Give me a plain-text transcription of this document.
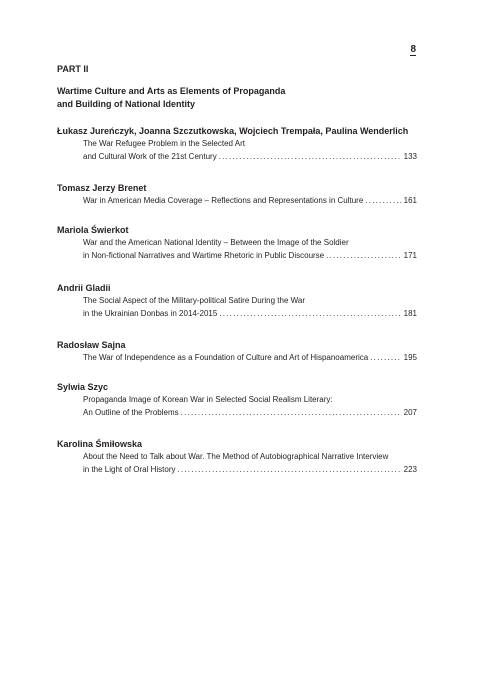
8
PART II
Wartime Culture and Arts as Elements of Propaganda
and Building of National Identity
Łukasz Jureńczyk, Joanna Szczutkowska, Wojciech Trempała, Paulina Wenderlich
The War Refugee Problem in the Selected Art
and Cultural Work of the 21st Century . . .	133
Tomasz Jerzy Brenet
War in American Media Coverage – Reflections and Representations in Culture . . .	161
Mariola Świerkot
War and the American National Identity – Between the Image of the Soldier
in Non-fictional Narratives and Wartime Rhetoric in Public Discourse . . .	171
Andrii Gladii
The Social Aspect of the Military-political Satire During the War
in the Ukrainian Donbas in 2014-2015 . . .	181
Radosław Sajna
The War of Independence as a Foundation of Culture and Art of Hispanoamerica . . .	195
Sylwia Szyc
Propaganda Image of Korean War in Selected Social Realism Literary:
An Outline of the Problems . . .	207
Karolina Śmiłowska
About the Need to Talk about War. The Method of Autobiographical Narrative Interview
in the Light of Oral History . . .	223
